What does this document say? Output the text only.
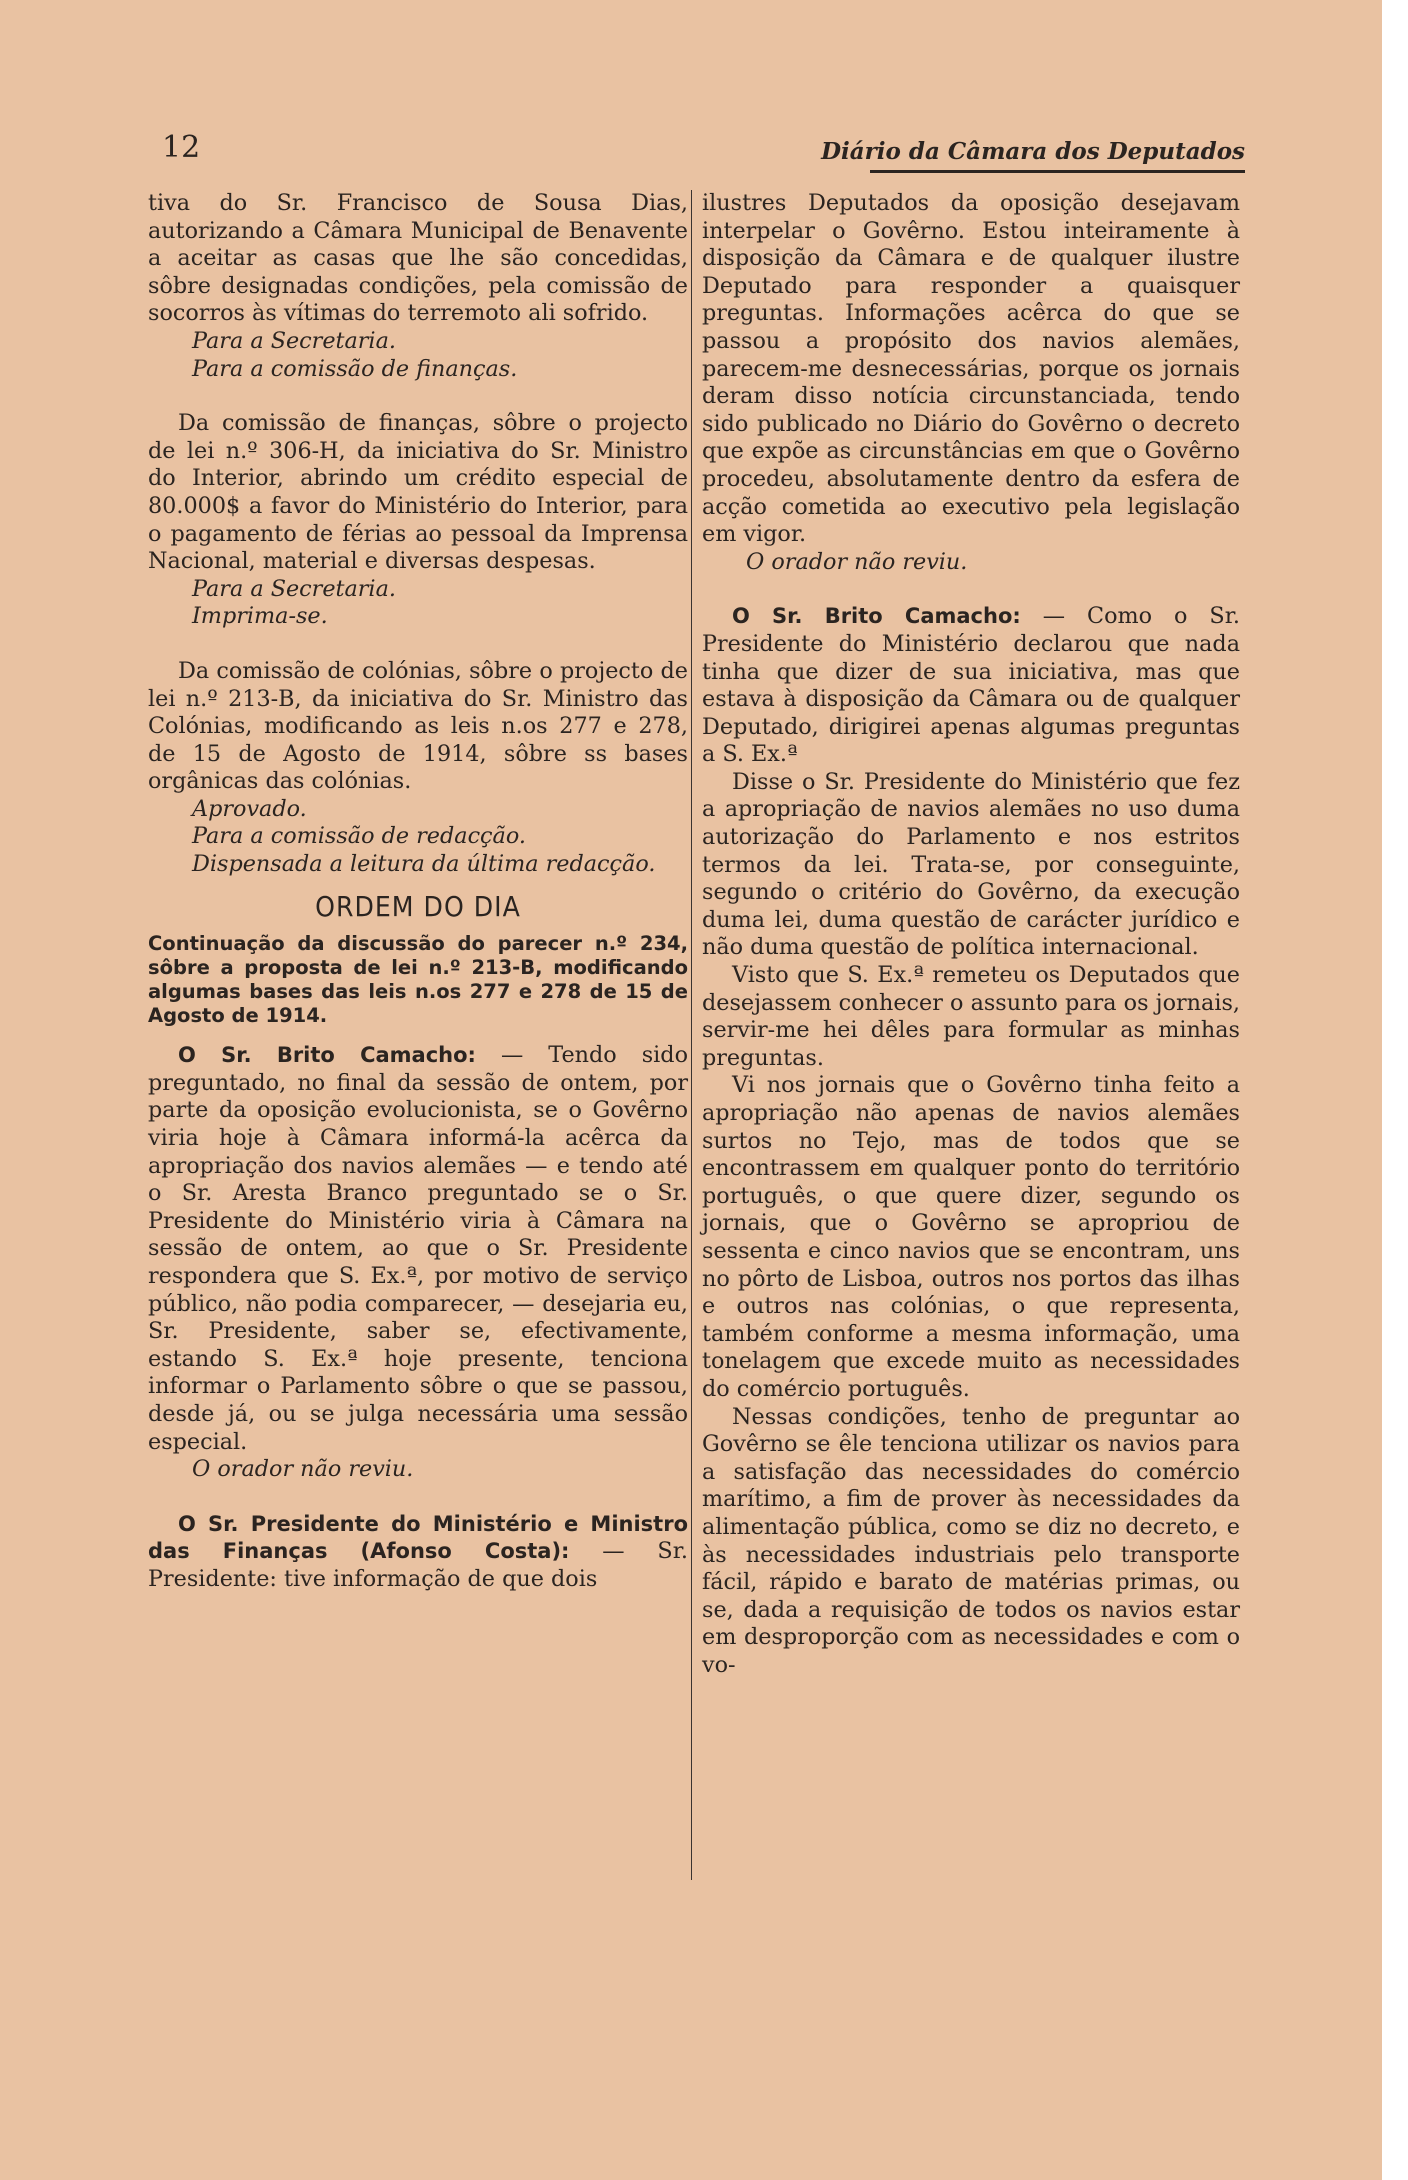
12	Diário da Câmara dos Deputados

tiva do Sr. Francisco de Sousa Dias, autorizando a Câmara Municipal de Benavente a aceitar as casas que lhe são concedidas, sôbre designadas condições, pela comissão de socorros às vítimas do terremoto ali sofrido.

Para a Secretaria.

Para a comissão de finanças.

Da comissão de finanças, sôbre o projecto de lei n.º 306-H, da iniciativa do Sr. Ministro do Interior, abrindo um crédito especial de 80.000$ a favor do Ministério do Interior, para o pagamento de férias ao pessoal da Imprensa Nacional, material e diversas despesas.

Para a Secretaria.

Imprima-se.

Da comissão de colónias, sôbre o projecto de lei n.º 213-B, da iniciativa do Sr. Ministro das Colónias, modificando as leis n.os 277 e 278, de 15 de Agosto de 1914, sôbre ss bases orgânicas das colónias.

Aprovado.

Para a comissão de redacção.

Dispensada a leitura da última redacção.

ORDEM DO DIA

Continuação da discussão do parecer n.º 234, sôbre a proposta de lei n.º 213-B, modificando algumas bases das leis n.os 277 e 278 de 15 de Agosto de 1914.

O Sr. Brito Camacho: — Tendo sido preguntado, no final da sessão de ontem, por parte da oposição evolucionista, se o Govêrno viria hoje à Câmara informá-la acêrca da apropriação dos navios alemães — e tendo até o Sr. Aresta Branco preguntado se o Sr. Presidente do Ministério viria à Câmara na sessão de ontem, ao que o Sr. Presidente respondera que S. Ex.ª, por motivo de serviço público, não podia comparecer, — desejaria eu, Sr. Presidente, saber se, efectivamente, estando S. Ex.ª hoje presente, tenciona informar o Parlamento sôbre o que se passou, desde já, ou se julga necessária uma sessão especial.

O orador não reviu.

O Sr. Presidente do Ministério e Ministro das Finanças (Afonso Costa): — Sr. Presidente: tive informação de que dois

ilustres Deputados da oposição desejavam interpelar o Govêrno. Estou inteiramente à disposição da Câmara e de qualquer ilustre Deputado para responder a quaisquer preguntas. Informações acêrca do que se passou a propósito dos navios alemães, parecem-me desnecessárias, porque os jornais deram disso notícia circunstanciada, tendo sido publicado no Diário do Govêrno o decreto que expõe as circunstâncias em que o Govêrno procedeu, absolutamente dentro da esfera de acção cometida ao executivo pela legislação em vigor.

O orador não reviu.

O Sr. Brito Camacho: — Como o Sr. Presidente do Ministério declarou que nada tinha que dizer de sua iniciativa, mas que estava à disposição da Câmara ou de qualquer Deputado, dirigirei apenas algumas preguntas a S. Ex.ª

Disse o Sr. Presidente do Ministério que fez a apropriação de navios alemães no uso duma autorização do Parlamento e nos estritos termos da lei. Trata-se, por conseguinte, segundo o critério do Govêrno, da execução duma lei, duma questão de carácter jurídico e não duma questão de política internacional.

Visto que S. Ex.ª remeteu os Deputados que desejassem conhecer o assunto para os jornais, servir-me hei dêles para formular as minhas preguntas.

Vi nos jornais que o Govêrno tinha feito a apropriação não apenas de navios alemães surtos no Tejo, mas de todos que se encontrassem em qualquer ponto do território português, o que quere dizer, segundo os jornais, que o Govêrno se apropriou de sessenta e cinco navios que se encontram, uns no pôrto de Lisboa, outros nos portos das ilhas e outros nas colónias, o que representa, também conforme a mesma informação, uma tonelagem que excede muito as necessidades do comércio português.

Nessas condições, tenho de preguntar ao Govêrno se êle tenciona utilizar os navios para a satisfação das necessidades do comércio marítimo, a fim de prover às necessidades da alimentação pública, como se diz no decreto, e às necessidades industriais pelo transporte fácil, rápido e barato de matérias primas, ou se, dada a requisição de todos os navios estar em desproporção com as necessidades e com o vo-
